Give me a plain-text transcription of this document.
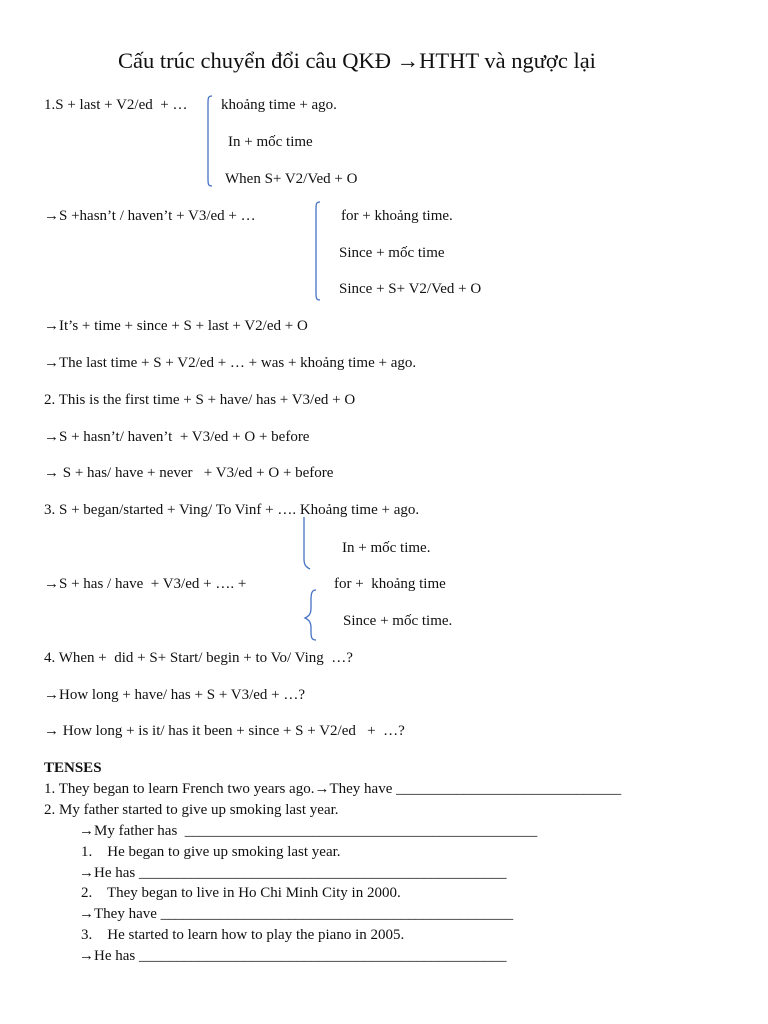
Cấu trúc chuyển đổi câu QKĐ →HTHT và ngược lại
1.S + last + V2/ed  + … khoảng time + ago.
In + mốc time
When S+ V2/Ved + O
→S +hasn’t / haven’t + V3/ed + …	for + khoảng time.
Since + mốc time
Since + S+ V2/Ved + O
→It’s + time + since + S + last + V2/ed + O
→The last time + S + V2/ed + … + was + khoảng time + ago.
2. This is the first time + S + have/ has + V3/ed + O
→S + hasn’t/ haven’t  + V3/ed + O + before
→ S + has/ have + never   + V3/ed + O + before
3. S + began/started + Ving/ To Vinf + …. Khoảng time + ago.
In + mốc time.
→S + has / have  + V3/ed + …. +	for +  khoảng time
Since + mốc time.
4. When +  did + S+ Start/ begin + to Vo/ Ving  …?
→How long + have/ has + S + V3/ed + …?
→ How long + is it/ has it been + since + S + V2/ed   +  …?
TENSES
1. They began to learn French two years ago.→They have ______________________________
2. My father started to give up smoking last year.
→My father has  _______________________________________________
1.    He began to give up smoking last year.
→He has _________________________________________________
2.    They began to live in Ho Chi Minh City in 2000.
→They have _______________________________________________
3.    He started to learn how to play the piano in 2005.
→He has _________________________________________________
